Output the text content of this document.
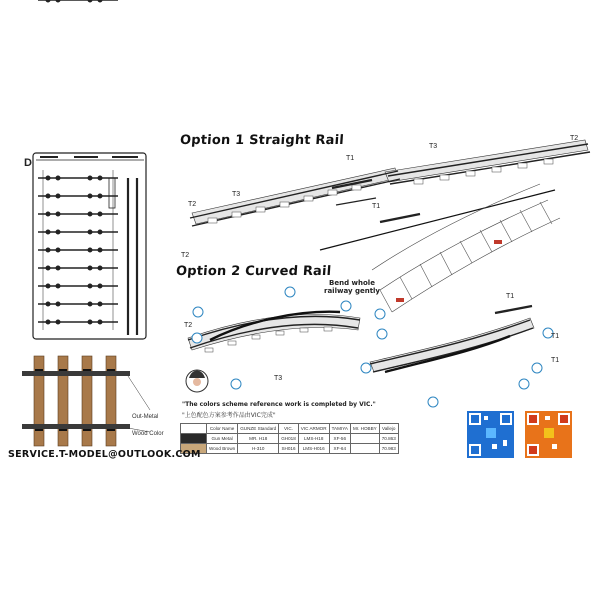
D
Option 1 Straight Rail
Option 2 Curved Rail
Bend whole
railway gently
T1
T3
T2
T2
T3
T1
T2
T2
T3
T1
T1
T1
Out-Metal
Wood Color
"The colors scheme reference work is completed by VIC."
"上色配色方案参考作品由VIC完成"
	Color Name	GUNZE Standard	VIC.	VIC ARMOR	TAMIYA	Mr. HOBBY	Vallejo
	Gun Metal	MR. H18	GH018	LMS-H18	XF-56		70.863
	Wood Brown	H-310	SH016	LMS-H016	XF-64		70.983
SERVICE.T-MODEL@OUTLOOK.COM
